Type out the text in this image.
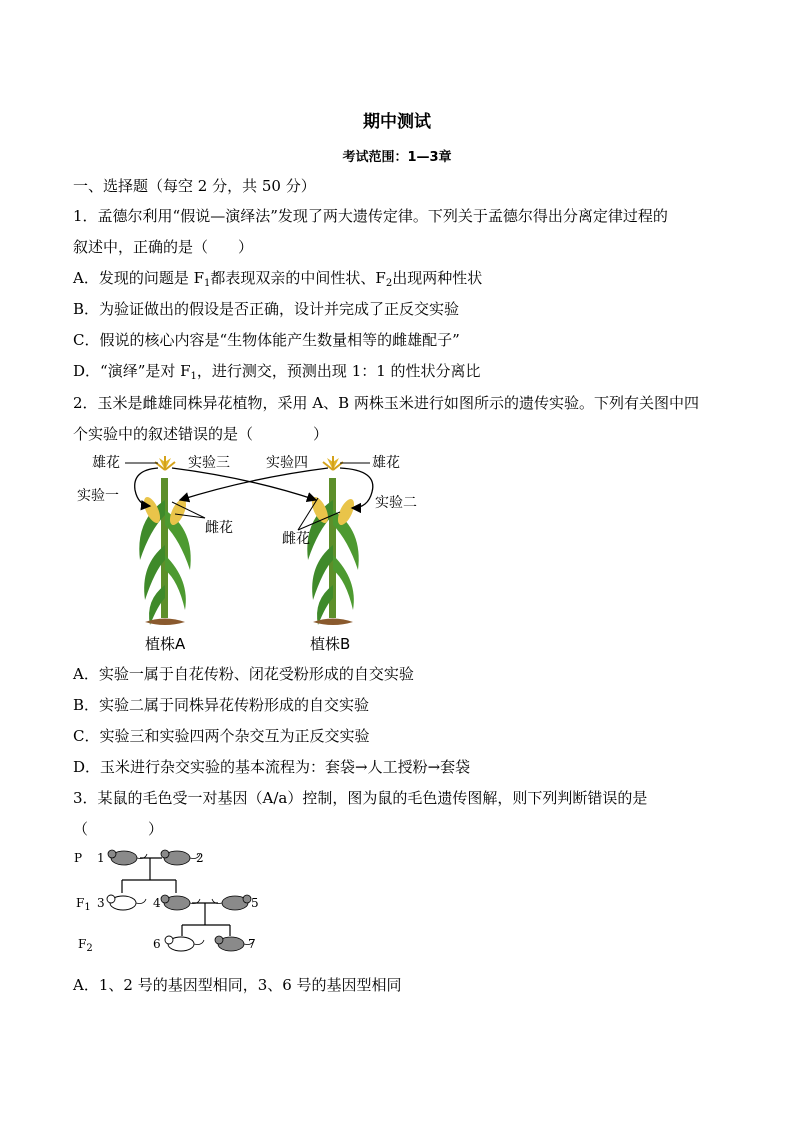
期中测试
考试范围：1—3章
一、选择题（每空 2 分，共 50 分）
1．孟德尔利用“假说—演绎法”发现了两大遗传定律。下列关于孟德尔得出分离定律过程的
叙述中，正确的是（　　）
A．发现的问题是 $F_1$都表现双亲的中间性状、$F_2$出现两种性状
B．为验证做出的假设是否正确，设计并完成了正反交实验
C．假说的核心内容是“生物体能产生数量相等的雌雄配子”
D．“演绎”是对 $F_1$，进行测交，预测出现 1：1 的性状分离比
2．玉米是雌雄同株异花植物，采用 A、B 两株玉米进行如图所示的遗传实验。下列有关图中四
个实验中的叙述错误的是（　　　　）
雄花	实验三	实验四	雄花
实验一	实验二
雌花
雌花
植株A	植株B
A．实验一属于自花传粉、闭花受粉形成的自交实验
B．实验二属于同株异花传粉形成的自交实验
C．实验三和实验四两个杂交互为正反交实验
D．玉米进行杂交实验的基本流程为：套袋→人工授粉→套袋
3．某鼠的毛色受一对基因（A/a）控制，图为鼠的毛色遗传图解，则下列判断错误的是
（　　　　）
P
$F_1$
$F_2$
1	2
3	4	5
6	7
A．1、2 号的基因型相同，3、6 号的基因型相同
